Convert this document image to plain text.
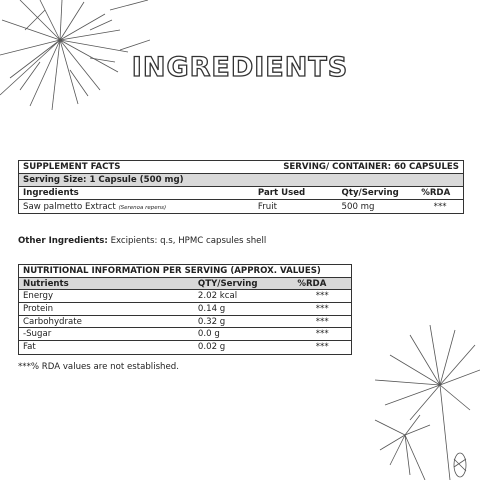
INGREDIENTS
SUPPLEMENT FACTS	SERVING/ CONTAINER: 60 CAPSULES
Serving Size: 1 Capsule (500 mg)
Ingredients	Part Used	Qty/Serving	%RDA
Saw palmetto Extract (Serenoa repens)	Fruit	500 mg	***
Other Ingredients: Excipients: q.s, HPMC capsules shell
NUTRITIONAL INFORMATION PER SERVING (APPROX. VALUES)
Nutrients	QTY/Serving	%RDA
Energy	2.02 kcal	***
Protein	0.14 g	***
Carbohydrate	0.32 g	***
-Sugar	0.0 g	***
Fat	0.02 g	***
***% RDA values are not established.
